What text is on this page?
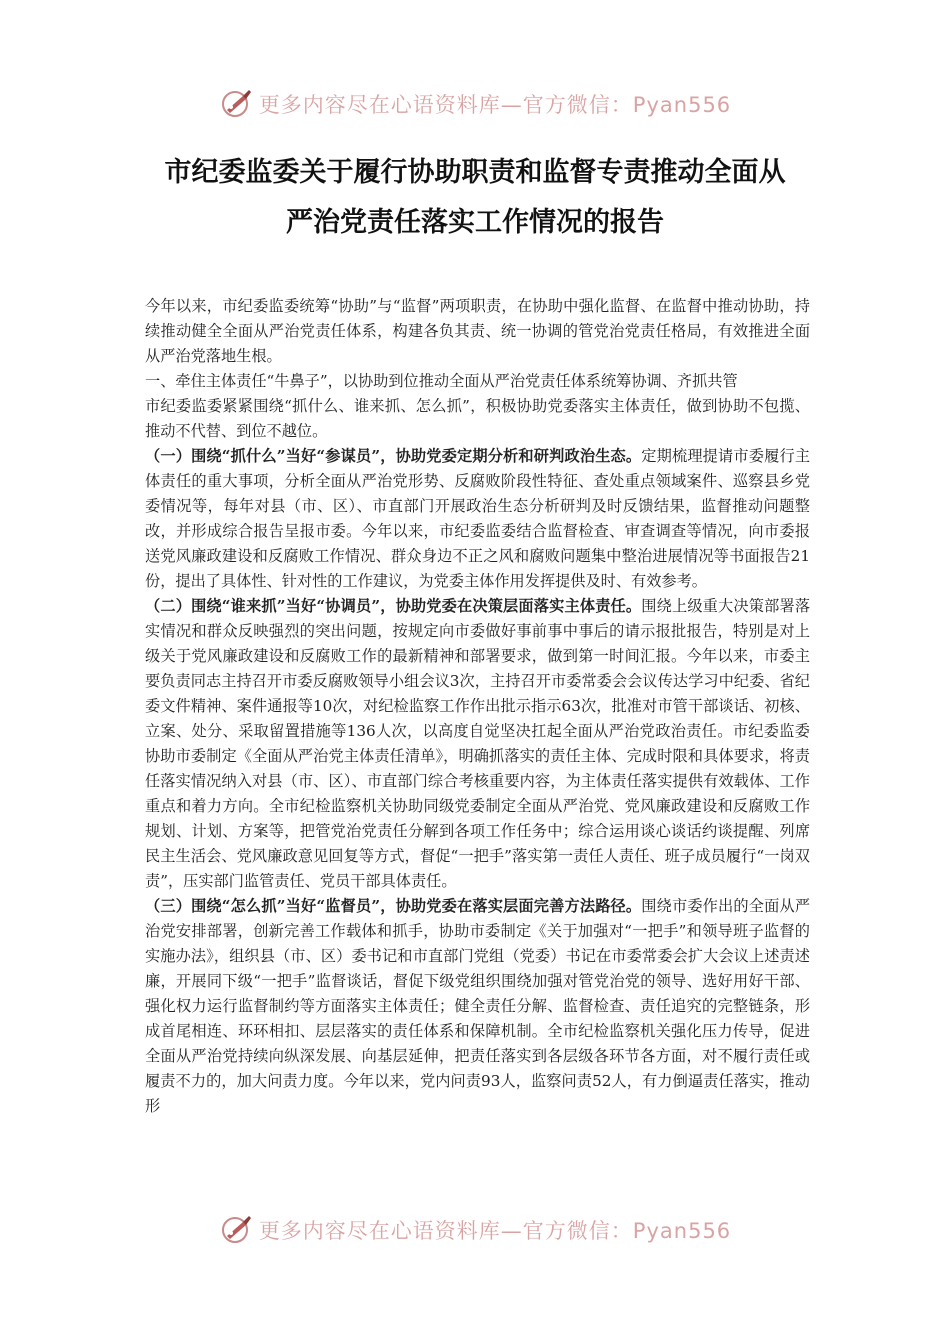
更多内容尽在心语资料库—官方微信：Pyan556
市纪委监委关于履行协助职责和监督专责推动全面从
严治党责任落实工作情况的报告

今年以来，市纪委监委统筹“协助”与“监督”两项职责，在协助中强化监督、在监督中推动协助，持续推动健全全面从严治党责任体系，构建各负其责、统一协调的管党治党责任格局，有效推进全面从严治党落地生根。

一、牵住主体责任“牛鼻子”，以协助到位推动全面从严治党责任体系统筹协调、齐抓共管

市纪委监委紧紧围绕“抓什么、谁来抓、怎么抓”，积极协助党委落实主体责任，做到协助不包揽、推动不代替、到位不越位。

（一）围绕“抓什么”当好“参谋员”，协助党委定期分析和研判政治生态。定期梳理提请市委履行主体责任的重大事项，分析全面从严治党形势、反腐败阶段性特征、查处重点领域案件、巡察县乡党委情况等，每年对县（市、区）、市直部门开展政治生态分析研判及时反馈结果，监督推动问题整改，并形成综合报告呈报市委。今年以来，市纪委监委结合监督检查、审查调查等情况，向市委报送党风廉政建设和反腐败工作情况、群众身边不正之风和腐败问题集中整治进展情况等书面报告21份，提出了具体性、针对性的工作建议，为党委主体作用发挥提供及时、有效参考。

（二）围绕“谁来抓”当好“协调员”，协助党委在决策层面落实主体责任。围绕上级重大决策部署落实情况和群众反映强烈的突出问题，按规定向市委做好事前事中事后的请示报批报告，特别是对上级关于党风廉政建设和反腐败工作的最新精神和部署要求，做到第一时间汇报。今年以来，市委主要负责同志主持召开市委反腐败领导小组会议3次，主持召开市委常委会会议传达学习中纪委、省纪委文件精神、案件通报等10次，对纪检监察工作作出批示指示63次，批准对市管干部谈话、初核、立案、处分、采取留置措施等136人次，以高度自觉坚决扛起全面从严治党政治责任。市纪委监委协助市委制定《全面从严治党主体责任清单》，明确抓落实的责任主体、完成时限和具体要求，将责任落实情况纳入对县（市、区）、市直部门综合考核重要内容，为主体责任落实提供有效载体、工作重点和着力方向。全市纪检监察机关协助同级党委制定全面从严治党、党风廉政建设和反腐败工作规划、计划、方案等，把管党治党责任分解到各项工作任务中；综合运用谈心谈话约谈提醒、列席民主生活会、党风廉政意见回复等方式，督促“一把手”落实第一责任人责任、班子成员履行“一岗双责”，压实部门监管责任、党员干部具体责任。

（三）围绕“怎么抓”当好“监督员”，协助党委在落实层面完善方法路径。围绕市委作出的全面从严治党安排部署，创新完善工作载体和抓手，协助市委制定《关于加强对“一把手”和领导班子监督的实施办法》，组织县（市、区）委书记和市直部门党组（党委）书记在市委常委会扩大会议上述责述廉，开展同下级“一把手”监督谈话，督促下级党组织围绕加强对管党治党的领导、选好用好干部、强化权力运行监督制约等方面落实主体责任；健全责任分解、监督检查、责任追究的完整链条，形成首尾相连、环环相扣、层层落实的责任体系和保障机制。全市纪检监察机关强化压力传导，促进全面从严治党持续向纵深发展、向基层延伸，把责任落实到各层级各环节各方面，对不履行责任或履责不力的，加大问责力度。今年以来，党内问责93人，监察问责52人，有力倒逼责任落实，推动形

更多内容尽在心语资料库—官方微信：Pyan556
